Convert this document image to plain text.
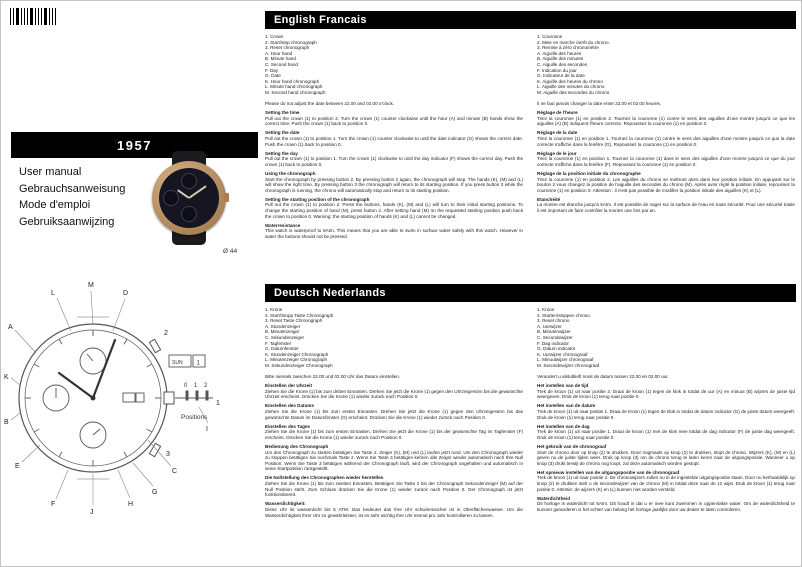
1957
User manual
Gebrauchsanweisung
Mode d'emploi
Gebruiksaanwijzing
Ø 44
SUN 1
0 1 2
Positions
L
M
D
A
K
B
E
F
J
H
G
C
I
2
1
3
English Francais
1. Crown
2. Start/stop chronograph
3. Reset chronograph
A. Hour hand
B. Minute hand
C. Second hand
F. Day
G. Date
K. Hour hand chronograph
L. Minute hand chronograph
M. Second hand chronograph

Please do not adjust the date between 22.00 and 02.00 o'clock.

Setting the time
Pull out the crown (1) to position 2. Turn the crown (1) counter clockwise until the hour (A) and minute (B) hands show the correct time. Push the crown (1) back to position 0.
Setting the date
Pull out the crown (1) to position 1. Turn the crown (1) counter clockwise to until the date indicator (G) shows the correct date. Push the crown (1) back to position 0.
Setting the day
Pull out the crown (1) to position 1. Turn the crown (1) clockwise to until the day indicator (F) shows the correct day. Push the crown (1) back to position 0.
Using the chronograph
Start the chronograph by pressing button 2. By pressing button 2 again, the chronograph will stop. The hands (K), (M) and (L) will show the right time. By pressing button 3 the chronograph will return to its starting position. If you press button 3 while the chronograph is running, the chrono will automatically stop and return to its starting position.
Setting the starting position of the chronograph
Pull out the crown (1) to position 2. Press the buttons, hands (K), (M) and (L) will turn to their initial starting positions. To change the starting position of hand (M), press button 2. After setting hand (M) on the requested starting position push back the crown to position 0. Warning: the starting position of hands (K) and (L) cannot be changed.
Waterresistance
This watch is waterproof to 5Atm. This means that you are able to swim in surface water safely with this watch. However in water the buttons should not be pressed.
1. Couronne
2. Mise en marche /arrêt du chrono.
3. Remise à zéro chronomètre
A. Aiguille des heures
B. Aiguille des minutes
C. Aiguille des secondes
F. Indication du jour
G. Indicateur de la date
K. Aiguille des heures du chrono
L. Aiguille des minutes du chrono
M. Aiguille des secondes du chrono

Il ne faut jamais changer la date entre 22.00 et 02.00 heures.

Réglage de l'heure
Tirez la couronne (1) en position 2. Tournez la couronne (1) contre le sens des aiguilles d'une montre jusqu'à ce que les aiguilles (A) (B) indiquent l'heure correcte. Repoussez la couronne (1) en position 0.
Réglage de la date
Tirez la couronne (1) en position 1. Tournez la couronne (1) contre le sens des aiguilles d'une montre jusqu'à ce que la date correcte s'affiche dans la fenêtre (G). Repoussez la couronne (1) en position 0.
Réglage de le jour
Tirez la couronne (1) en position 1. Tournez la couronne (1) dans le sens des aiguilles d'une montre jusqu'à ce que du jour correcte s'affiche dans la fenêtre (F). Repoussez la couronne (1) en position 0.
Réglage de la position initiale du chronographe
Tirez la couronne (1) en position 2. Les aiguilles du chrono se mettront alors dans leur position initiale. En appuyant sur le bouton 2 vous changez la position de l'aiguille des secondes du chrono (M). Après avoir réglé la position initiale, repoussez la couronne (1) en position 0. Attention : il n'est pas possible de modifier la position initiale des aiguilles (K) et (L).
Etanchéité
La montre est étanche jusqu'à 5Atm. Il est possible de nager sur la surface de l'eau en toute sécurité. Pour une sécurité totale il est important de faire contrôler la montre une fois par an.
Deutsch Nederlands
1. Krone
2. Start/Stopp Taste Chronograph
3. Reset Taste Chronograph
A. Stundenzeiger
B. Minutenzeiger
C. Sekundenzeiger
F. Tagfenster
G. Datumfenster
K. Stundenzeiger Chronograph
L. Minutenzeiger Chronograph
M. Sekundenzeiger Chronograph

Bitte niemals zwischen 22.00 und 02.00 Uhr das Datum einstellen.

Einstellen der Uhrzeit
Ziehen Sie die Krone (1) bis zum dritten Einrasten. Drehen Sie jetzt die Krone (1) gegen den Uhrzeigersinn bis die gewünschte Uhrzeit erscheint. Drücken Sie die Krone (1) wieder zurück nach Position 0.
Einstellen des Datums
Ziehen Sie die Krone (1) bis zum ersten Einrasten. Drehen Sie jetzt die Krone (1) gegen den Uhrzeigersinn bis das gewünschte Datum im Datumfenster (G) erscheint. Drücken Sie die Krone (1) wieder zurück nach Position 0.
Einstellen des Tages
Ziehen Sie die Krone (1) bis zum ersten Einrasten. Drehen Sie jetzt die Krone (1) bis der gewünschte Tag im Tagfenster (F) erscheint. Drücken Sie die Krone (1) wieder zurück nach Position 0.
Bedienung des Chronograph
Um den Chronograph zu starten betätigen Sie Taste 2. Zeiger (K), (M) und (L) laufen jetzt rund. Um den Chronograph wieder zu stoppen betätigen Sie nochmals Taste 2. Wenn Sie Taste 3 betätigen kehren alle Zeiger wieder automatisch nach Ihre Null Position. Wenn Sie Taste 3 betätigen während der Chronograph läuft, wird der Chronograph angehalten und automatisch in seine Startposition rückgestellt.
Die Nullstellung des Chronographen wieder herstellen
Ziehen Sie die Krone (1) bis zum zweiten Einrasten. Betätigen Sie Taste 2 bis der Chronograph Sekundenzeiger (M) auf der Null Position steht. Zum Schluss drücken Sie die Krone (1) wieder zurück nach Position 0. Der Chronograph ist jetzt funktionsbereit.
Wasserdichtigkeit:
Diese Uhr ist wasserdicht bis 5 ATM. Das bedeutet das Ihre Uhr schwimmsicher ist in Oberflächenwasser. Um die Wasserdichtigkeit Ihrer Uhr zu gewährleisten, ist es sehr wichtig Ihre Uhr einmal pro Jahr kontrollieren zu lassen.
1. Kroon
2. Starten/stoppen chrono
3. Reset chrono
A. Uurwijzer
B. Minutenwijzer
C. Secondewijzer
F. Dag indicator
G. Datum indicator
K. Uurwijzer chronograaf
L. Minuutwijzer chronograaf
M. Secondewijzer chronograaf

Verandert u alstublieft nooit de datum tussen 22.00 en 02.00 uur.

Het instellen van de tijd
Trek de kroon (1) uit naar positie 2. Draai de kroon (1) tegen de klok in totdat de uur (A) en minuut (B) wijzers de juiste tijd weergeven. Druk de kroon (1) terug naar positie 0.
Het instellen van de datum
Trek de kroon (1) uit naar positie 1. Draai de kroon (1) tegen de klok in totdat de datum indicator (G) de juiste datum weergeeft. Druk de kroon (1) terug naar positie 0.
Het instellen van de dag
Trek de kroon (1) uit naar positie 1. Draai de kroon (1) met de klok mee totdat de dag indicator (F) de juiste dag weergeeft. Druk de kroon (1) terug naar positie 0.
Het gebruik van de chronograaf
Start de chrono door op knop (2) te drukken. Door nogmaals op knop (2) te drukken, stopt de chrono. Wijzers (K), (M) en (L) geven nu de juiste tijden weer. Druk op knop (3) om de chrono terug te laten keren naar de uitgangspositie. Wanneer u op knop (3) drukt terwijl de chrono nog loopt, zal deze automatisch worden gestopt.
Het opnieuw instellen van de uitgangspositie van de chronograaf
Trek de kroon (1) uit naar positie 2. De chronowijzers zullen nu in de ingestelde uitgangspositie staan. Door nu herhaaldelijk op knop (2) te drukken stelt u de secondewijzer van de chrono (M) in totdat deze naar de 12 wijst. Druk de kroon (1) terug naar positie 0. Attentie: de wijzers (K) en (L) kunnen niet worden versteld.
Waterdichtheid
Dit horloge is waterdicht tot 5Atm. Dit houdt in dat u er mee kunt zwemmen in oppervlakte water. Om de waterdichtheid te kunnen garanderen is het echter van belang het horloge jaarlijks door uw dealer te laten controleren.
